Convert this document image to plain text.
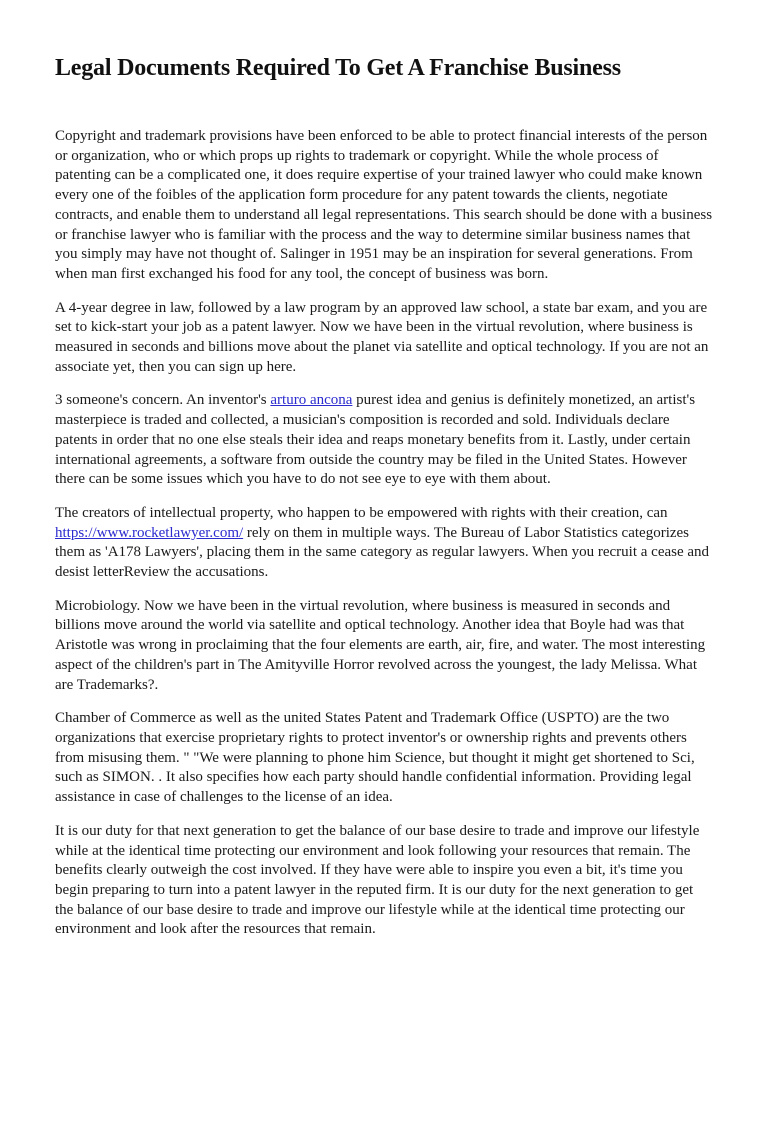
Legal Documents Required To Get A Franchise Business

Copyright and trademark provisions have been enforced to be able to protect financial interests of the person or organization, who or which props up rights to trademark or copyright. While the whole process of patenting can be a complicated one, it does require expertise of your trained lawyer who could make known every one of the foibles of the application form procedure for any patent towards the clients, negotiate contracts, and enable them to understand all legal representations. This search should be done with a business or franchise lawyer who is familiar with the process and the way to determine similar business names that you simply may have not thought of. Salinger in 1951 may be an inspiration for several generations. From when man first exchanged his food for any tool, the concept of business was born.

A 4-year degree in law, followed by a law program by an approved law school, a state bar exam, and you are set to kick-start your job as a patent lawyer. Now we have been in the virtual revolution, where business is measured in seconds and billions move about the planet via satellite and optical technology. If you are not an associate yet, then you can sign up here.

3 someone's concern. An inventor's arturo ancona purest idea and genius is definitely monetized, an artist's masterpiece is traded and collected, a musician's composition is recorded and sold. Individuals declare patents in order that no one else steals their idea and reaps monetary benefits from it. Lastly, under certain international agreements, a software from outside the country may be filed in the United States. However there can be some issues which you have to do not see eye to eye with them about.

The creators of intellectual property, who happen to be empowered with rights with their creation, can https://www.rocketlawyer.com/ rely on them in multiple ways. The Bureau of Labor Statistics categorizes them as 'A178 Lawyers', placing them in the same category as regular lawyers. When you recruit a cease and desist letterReview the accusations.

Microbiology. Now we have been in the virtual revolution, where business is measured in seconds and billions move around the world via satellite and optical technology. Another idea that Boyle had was that Aristotle was wrong in proclaiming that the four elements are earth, air, fire, and water. The most interesting aspect of the children's part in The Amityville Horror revolved across the youngest, the lady Melissa. What are Trademarks?.

Chamber of Commerce as well as the united States Patent and Trademark Office (USPTO) are the two organizations that exercise proprietary rights to protect inventor's or ownership rights and prevents others from misusing them. " "We were planning to phone him Science, but thought it might get shortened to Sci, such as SIMON. . It also specifies how each party should handle confidential information. Providing legal assistance in case of challenges to the license of an idea.

It is our duty for that next generation to get the balance of our base desire to trade and improve our lifestyle while at the identical time protecting our environment and look following your resources that remain. The benefits clearly outweigh the cost involved. If they have were able to inspire you even a bit, it's time you begin preparing to turn into a patent lawyer in the reputed firm. It is our duty for the next generation to get the balance of our base desire to trade and improve our lifestyle while at the identical time protecting our environment and look after the resources that remain.
